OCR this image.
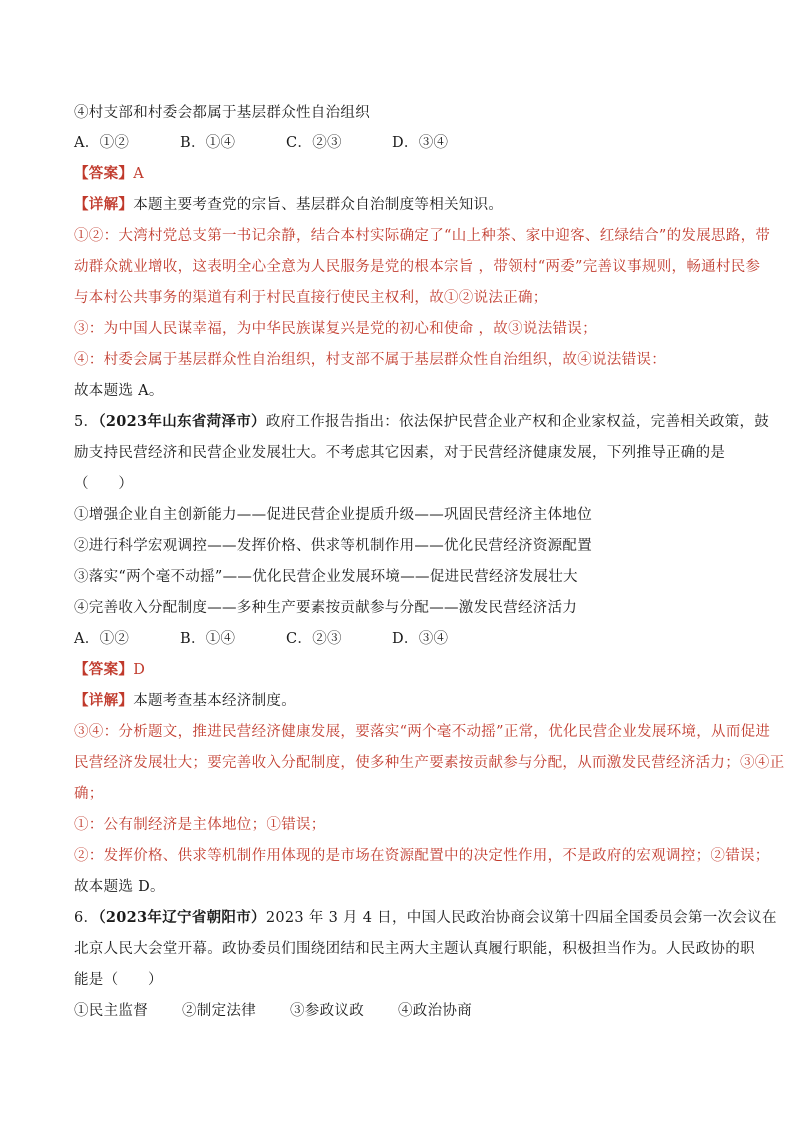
④村支部和村委会都属于基层群众性自治组织
A．①②	B．①④	C．②③	D．③④
【答案】A
【详解】本题主要考查党的宗旨、基层群众自治制度等相关知识。
①②：大湾村党总支第一书记余静，结合本村实际确定了“山上种茶、家中迎客、红绿结合”的发展思路，带
动群众就业增收，这表明全心全意为人民服务是党的根本宗旨 ，带领村“两委”完善议事规则，畅通村民参
与本村公共事务的渠道有利于村民直接行使民主权利，故①②说法正确；
③：为中国人民谋幸福，为中华民族谋复兴是党的初心和使命 ，故③说法错误；
④：村委会属于基层群众性自治组织，村支部不属于基层群众性自治组织，故④说法错误：
故本题选 A。
5．（2023年山东省菏泽市）政府工作报告指出：依法保护民营企业产权和企业家权益，完善相关政策，鼓
励支持民营经济和民营企业发展壮大。不考虑其它因素，对于民营经济健康发展，下列推导正确的是
（　　）
①增强企业自主创新能力——促进民营企业提质升级——巩固民营经济主体地位
②进行科学宏观调控——发挥价格、供求等机制作用——优化民营经济资源配置
③落实“两个毫不动摇”——优化民营企业发展环境——促进民营经济发展壮大
④完善收入分配制度——多种生产要素按贡献参与分配——激发民营经济活力
A．①②	B．①④	C．②③	D．③④
【答案】D
【详解】本题考查基本经济制度。
③④：分析题文，推进民营经济健康发展，要落实“两个毫不动摇”正常，优化民营企业发展环境，从而促进
民营经济发展壮大；要完善收入分配制度，使多种生产要素按贡献参与分配，从而激发民营经济活力；③④正
确；
①：公有制经济是主体地位；①错误；
②：发挥价格、供求等机制作用体现的是市场在资源配置中的决定性作用，不是政府的宏观调控；②错误；
故本题选 D。
6．（2023年辽宁省朝阳市）2023 年 3 月 4 日，中国人民政治协商会议第十四届全国委员会第一次会议在
北京人民大会堂开幕。政协委员们围绕团结和民主两大主题认真履行职能，积极担当作为。人民政协的职
能是（　　）
①民主监督 ②制定法律 ③参政议政 ④政治协商
